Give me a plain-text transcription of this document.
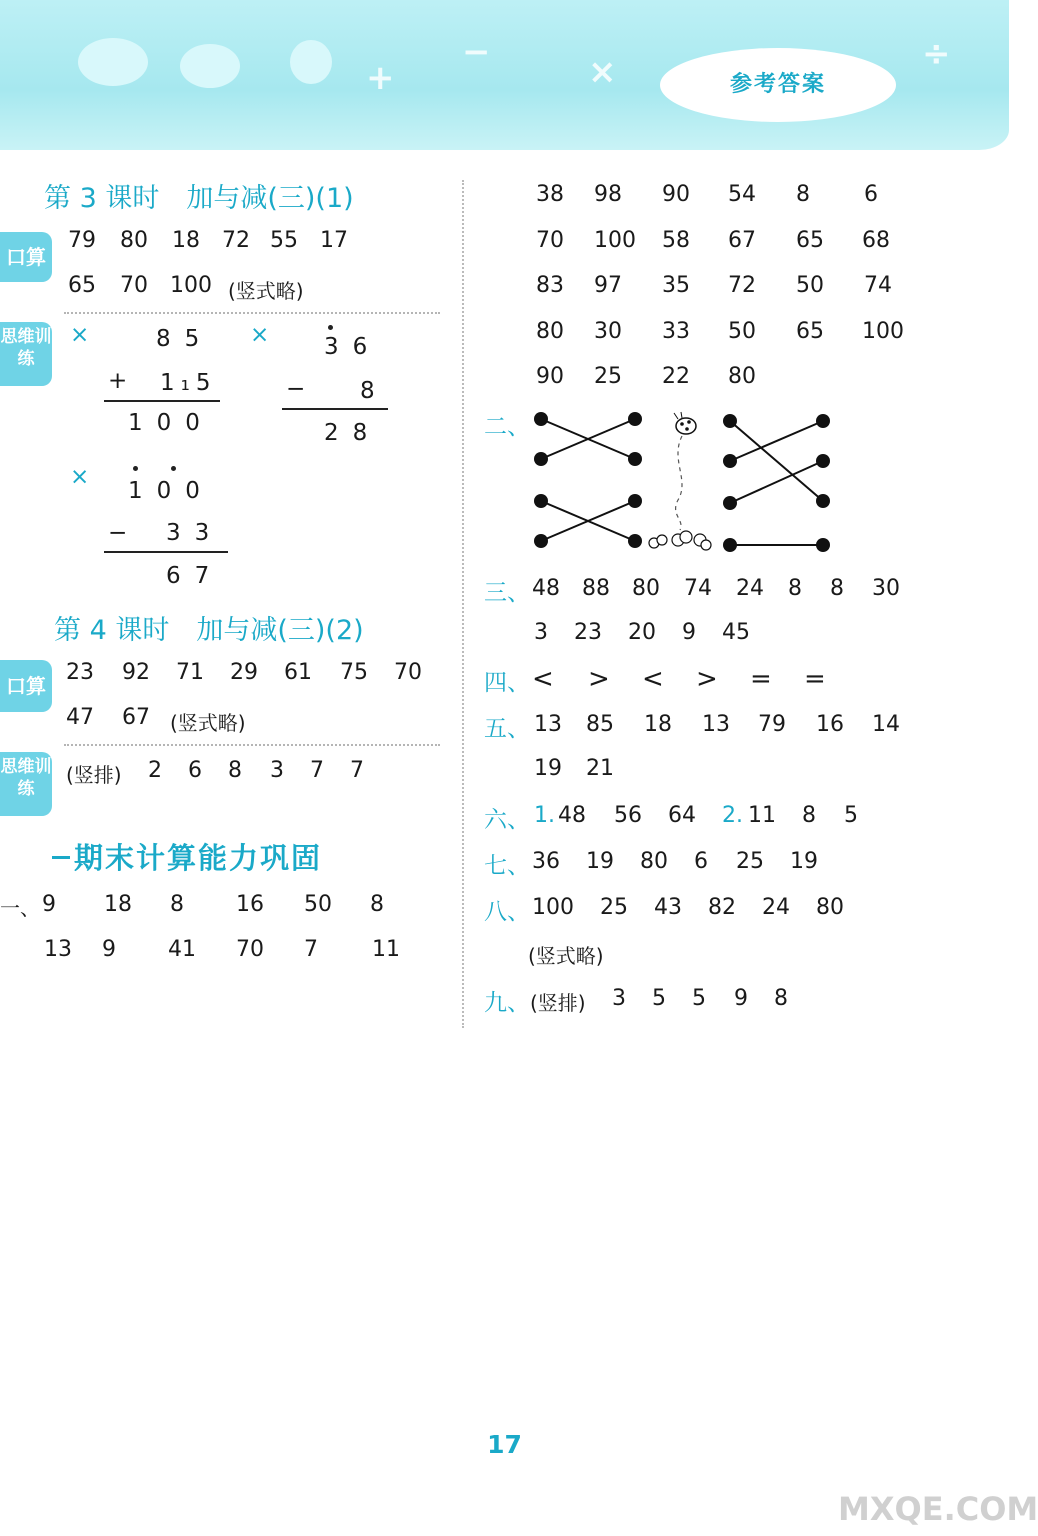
+
−	×	÷
参考答案
第 3 课时　加与减(三)(1)
口算
79 80 18 72 55 17
65 70 100 (竖式略)
思维训练
×	85
+ 1₁5
100
× 36
− 8
28
×
100
− 33
67
第 4 课时　加与减(三)(2)
口算
23 92 71 29 61 75 70
47 67 (竖式略)
思维训练
(竖排) 2 6 8 3 7 7
期末计算能力巩固
一、 9 18 8 16 50 8
13 9 41 70 7 11
38 98 90 54 8 6
70 100 58 67 65 68
83 97 35 72 50 74
80 30 33 50 65 100
90 25 22 80
二、
三、 48 88 80 74 24 8 8 30
3 23 20 9 45
四、 < > < > = =
五、 13 85 18 13 79 16 14
19 21
六、 1. 48 56 64 2. 11 8 5
七、 36 19 80 6 25 19
八、 100 25 43 82 24 80
(竖式略)
九、 (竖排) 3 5 5 9 8
17
MXQE.COM
